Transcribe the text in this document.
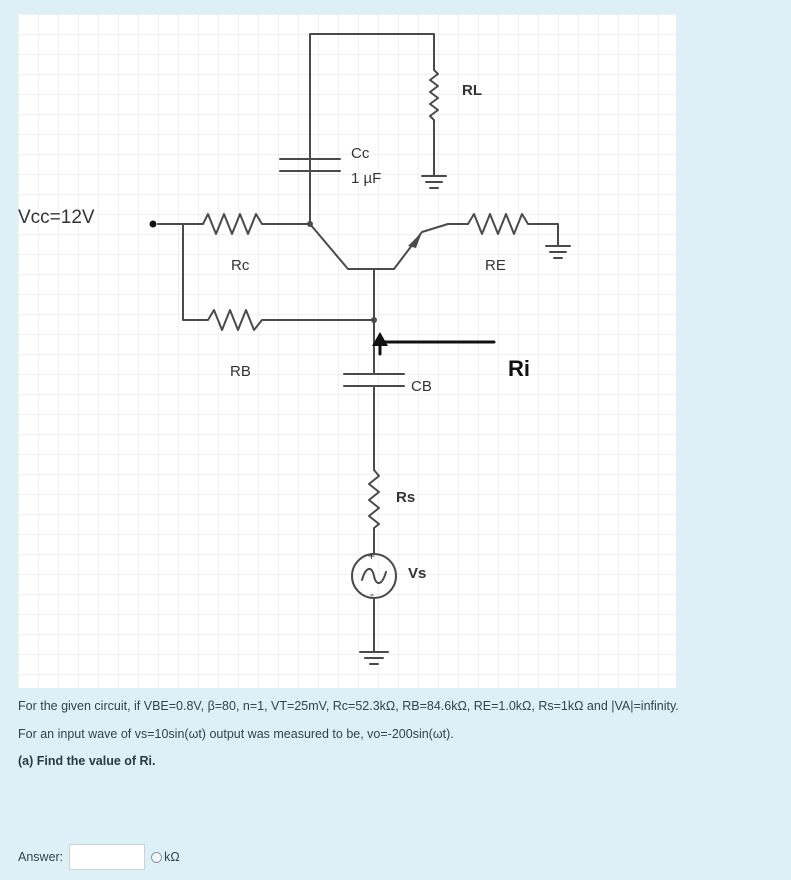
Vcc=12V
RL
Cc
1 µF
Rc	RE
RB	Ri
CB
Rs
Vs
+
-
For the given circuit, if VBE=0.8V, β=80, n=1, VT=25mV, Rc=52.3kΩ, RB=84.6kΩ, RE=1.0kΩ, Rs=1kΩ and |VA|=infinity.
For an input wave of vs=10sin(ωt) output was measured to be, vo=-200sin(ωt).
(a) Find the value of Ri.
Answer:	kΩ
